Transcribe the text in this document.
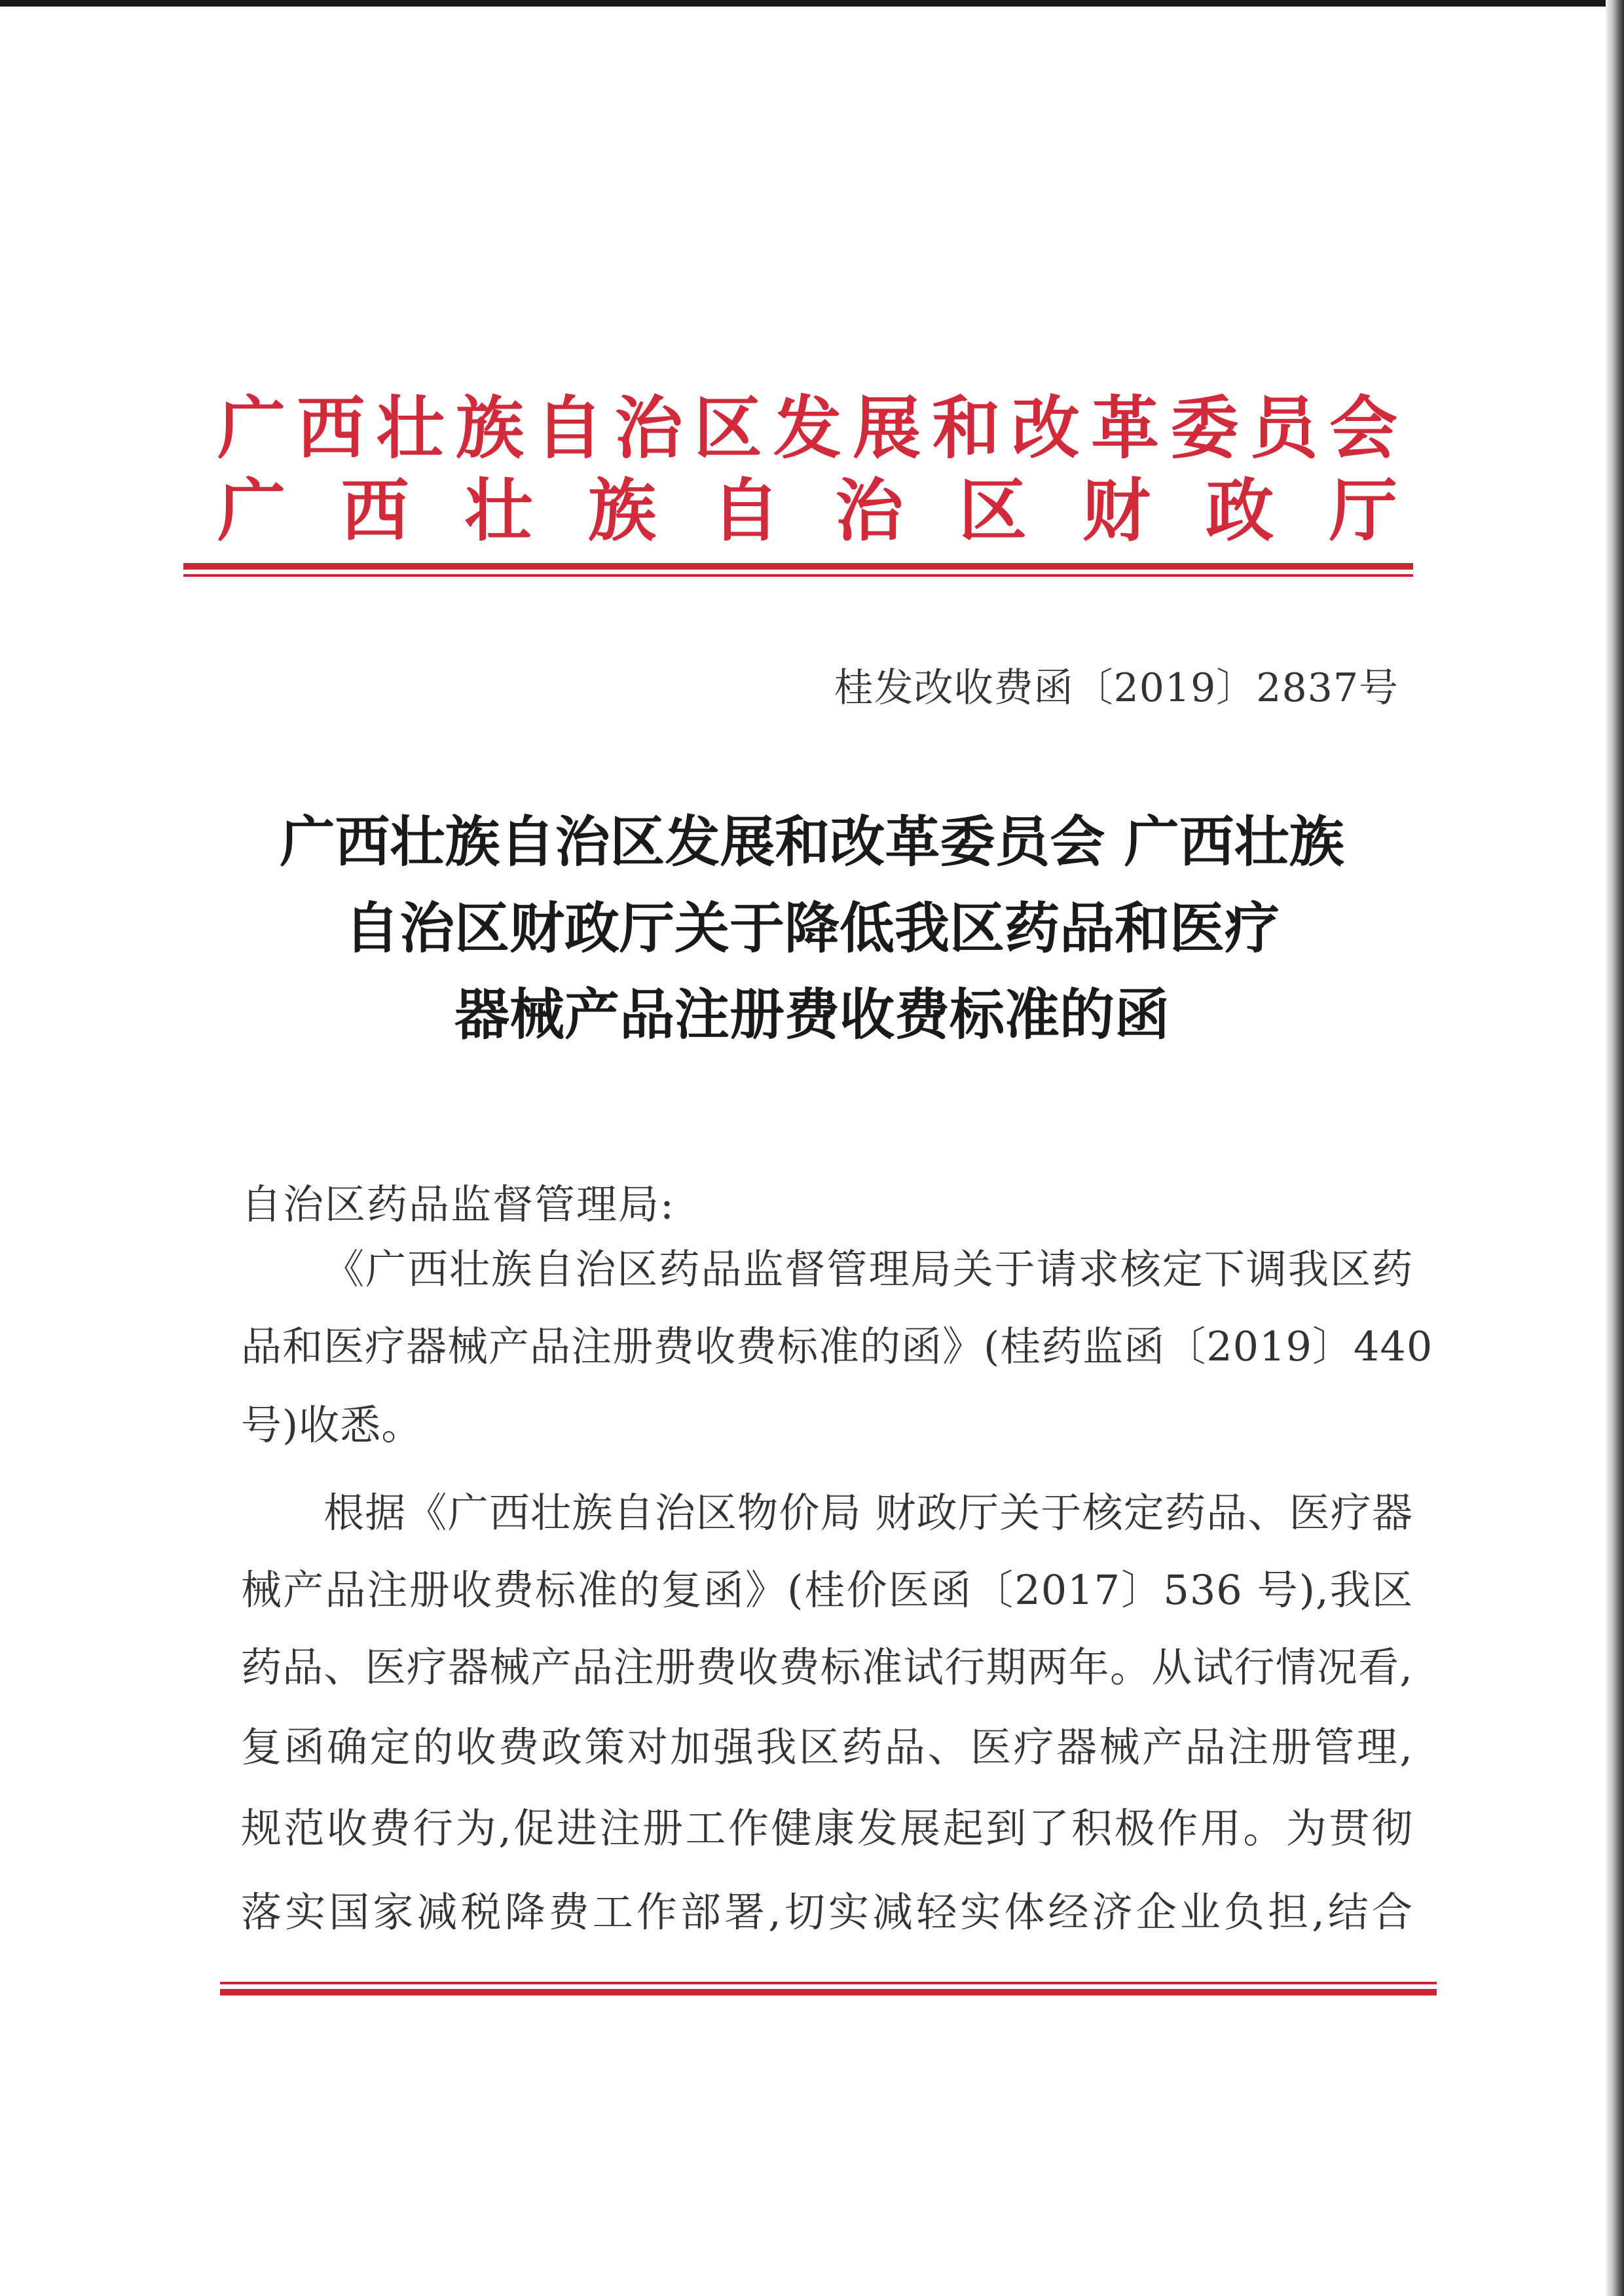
广 西 壮 族 自 治 区 发 展 和 改 革 委 员 会
广 西 壮 族 自 治 区 财 政 厅
桂发改收费函〔2019〕2837号
广西壮族自治区发展和改革委员会 广西壮族
自治区财政厅关于降低我区药品和医疗
器械产品注册费收费标准的函
自治区药品监督管理局:
《广西壮族自治区药品监督管理局关于请求核定下调我区药
品和医疗器械产品注册费收费标准的函》(桂药监函〔2019〕440
号)收悉。
根据《广西壮族自治区物价局 财政厅关于核定药品、医疗器
械产品注册收费标准的复函》(桂价医函〔2017〕536 号),我区
药品、医疗器械产品注册费收费标准试行期两年。从试行情况看,
复函确定的收费政策对加强我区药品、医疗器械产品注册管理,
规范收费行为,促进注册工作健康发展起到了积极作用。为贯彻
落实国家减税降费工作部署,切实减轻实体经济企业负担,结合
